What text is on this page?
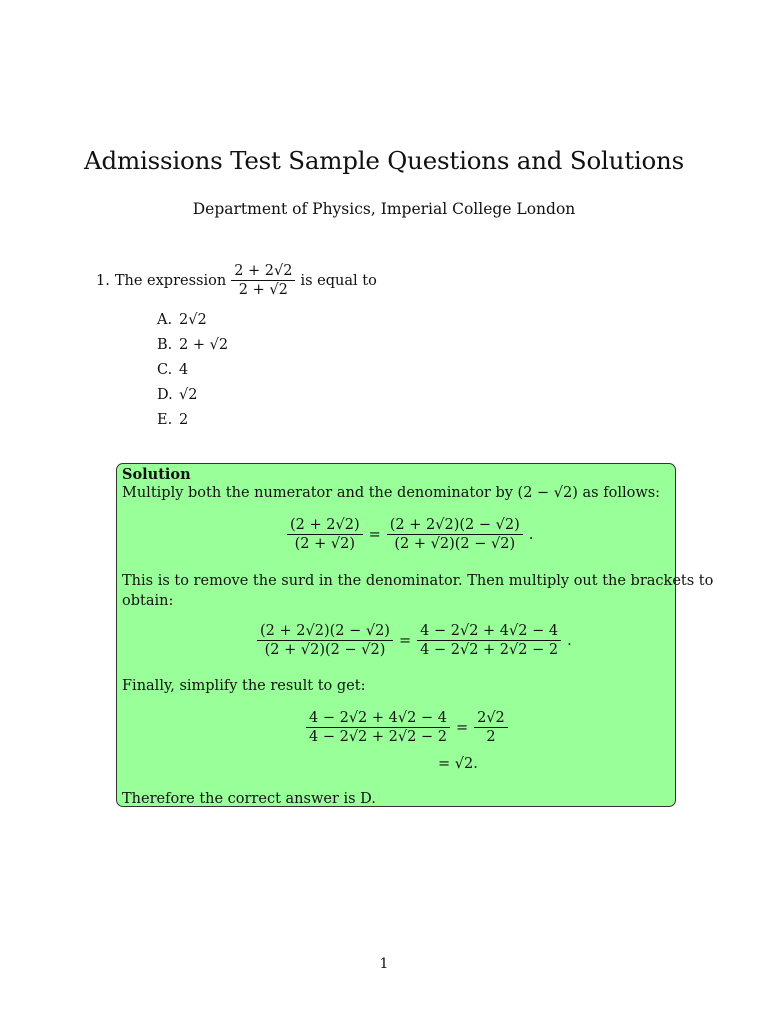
Admissions Test Sample Questions and Solutions
Department of Physics, Imperial College London
1. The expression $\frac{2 + 2√2}{2 + √2}$ is equal to
A. 2√2
B. 2 + √2
C. 4
D. √2
E. 2
Solution
Multiply both the numerator and the denominator by (2 − √2) as follows:
$\frac{(2 + 2√2)}{(2 + √2)} = \frac{(2 + 2√2)(2 - √2)}{(2 + √2)(2 - √2)}$ .
This is to remove the surd in the denominator. Then multiply out the brackets to
obtain:
$\frac{(2 + 2√2)(2 - √2)}{(2 + √2)(2 - √2)} = \frac{4 - 2√2 + 4√2 - 4}{4 - 2√2 + 2√2 - 2}$ .
Finally, simplify the result to get:
$\frac{4 - 2√2 + 4√2 - 4}{4 - 2√2 + 2√2 - 2} = \frac{2√2}{2}$
= √2.
Therefore the correct answer is D.
1
